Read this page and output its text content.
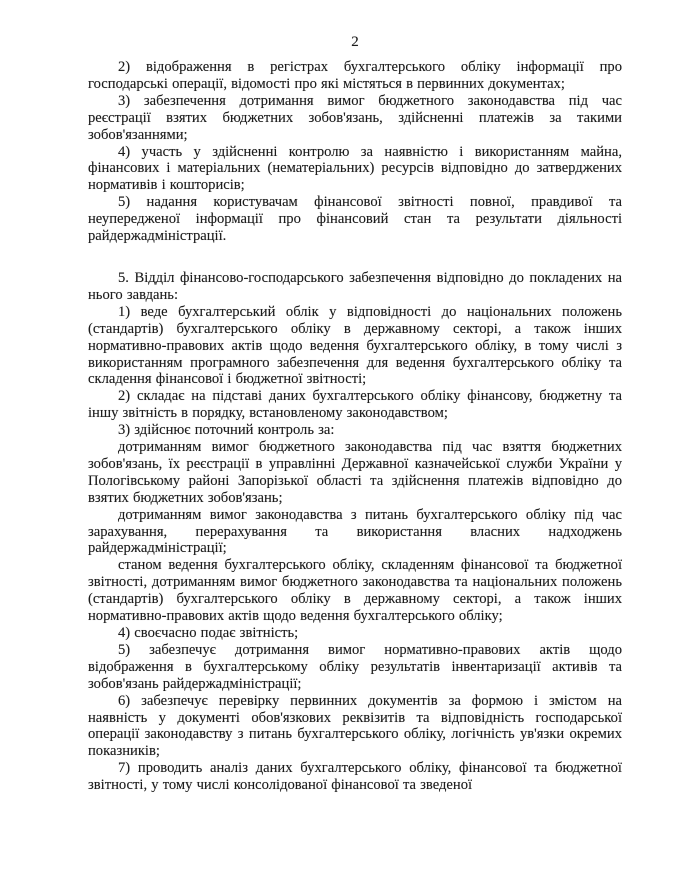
2

2) відображення в регістрах бухгалтерського обліку інформації про господарські операції, відомості про які містяться в первинних документах;

3) забезпечення дотримання вимог бюджетного законодавства під час реєстрації взятих бюджетних зобов'язань, здійсненні платежів за такими зобов'язаннями;

4) участь у здійсненні контролю за наявністю і використанням майна, фінансових і матеріальних (нематеріальних) ресурсів відповідно до затверджених нормативів і кошторисів;

5) надання користувачам фінансової звітності повної, правдивої та неупередженої інформації про фінансовий стан та результати діяльності райдержадміністрації.

5. Відділ фінансово-господарського забезпечення відповідно до покладених на нього завдань:

1) веде бухгалтерський облік у відповідності до національних положень (стандартів) бухгалтерського обліку в державному секторі, а також інших нормативно-правових актів щодо ведення бухгалтерського обліку, в тому числі з використанням програмного забезпечення для ведення бухгалтерського обліку та складення фінансової і бюджетної звітності;

2) складає на підставі даних бухгалтерського обліку фінансову, бюджетну та іншу звітність в порядку, встановленому законодавством;

3) здійснює поточний контроль за:

дотриманням вимог бюджетного законодавства під час взяття бюджетних зобов'язань, їх реєстрації в управлінні Державної казначейської служби України у Пологівському районі Запорізької області та здійснення платежів відповідно до взятих бюджетних зобов'язань;

дотриманням вимог законодавства з питань бухгалтерського обліку під час зарахування, перерахування та використання власних надходжень райдержадміністрації;

станом ведення бухгалтерського обліку, складенням фінансової та бюджетної звітності, дотриманням вимог бюджетного законодавства та національних положень (стандартів) бухгалтерського обліку в державному секторі, а також інших нормативно-правових актів щодо ведення бухгалтерського обліку;

4) своєчасно подає звітність;

5) забезпечує дотримання вимог нормативно-правових актів щодо відображення в бухгалтерському обліку результатів інвентаризації активів та зобов'язань райдержадміністрації;

6) забезпечує перевірку первинних документів за формою і змістом на наявність у документі обов'язкових реквізитів та відповідність господарської операції законодавству з питань бухгалтерського обліку, логічність ув'язки окремих показників;

7) проводить аналіз даних бухгалтерського обліку, фінансової та бюджетної звітності, у тому числі консолідованої фінансової та зведеної
